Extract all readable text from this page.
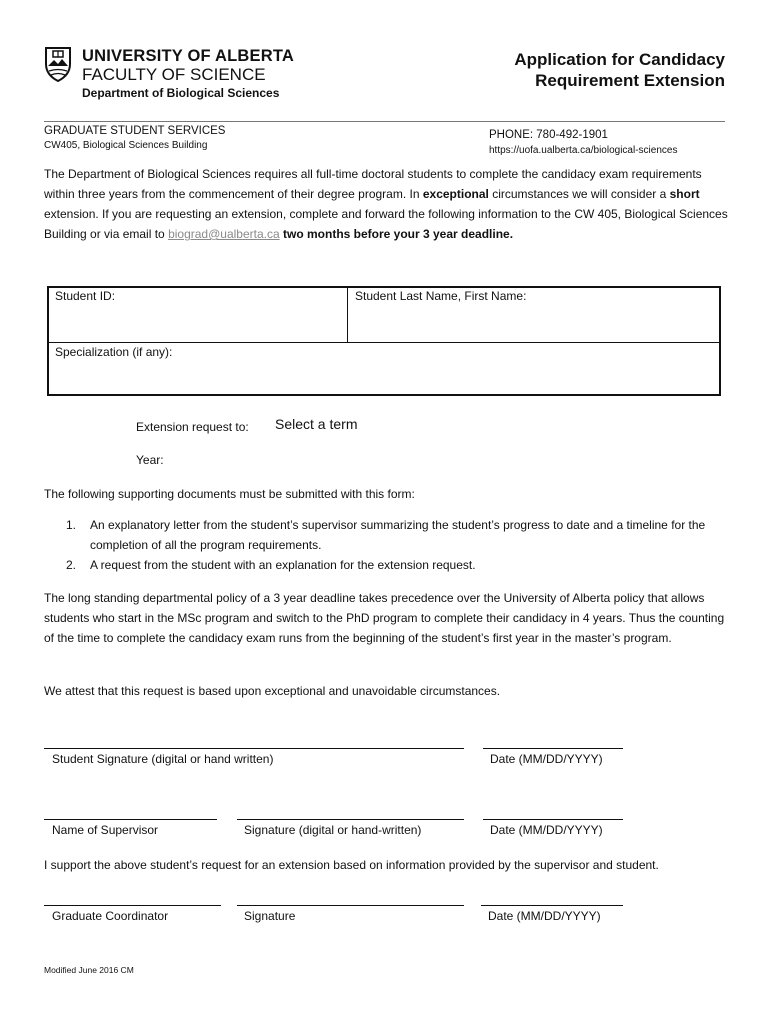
UNIVERSITY OF ALBERTA
FACULTY OF SCIENCE
Department of Biological Sciences
Application for Candidacy
Requirement Extension
GRADUATE STUDENT SERVICES
CW405, Biological Sciences Building
PHONE: 780-492-1901
https://uofa.ualberta.ca/biological-sciences
The Department of Biological Sciences requires all full-time doctoral students to complete the candidacy exam requirements within three years from the commencement of their degree program. In exceptional circumstances we will consider a short extension. If you are requesting an extension, complete and forward the following information to the CW 405, Biological Sciences Building or via email to biograd@ualberta.ca two months before your 3 year deadline.
Student ID:	Student Last Name, First Name:
Specialization (if any):
Extension request to: Select a term
Year:
The following supporting documents must be submitted with this form:
1. An explanatory letter from the student’s supervisor summarizing the student’s progress to date and a timeline for the completion of all the program requirements.
2. A request from the student with an explanation for the extension request.
The long standing departmental policy of a 3 year deadline takes precedence over the University of Alberta policy that allows students who start in the MSc program and switch to the PhD program to complete their candidacy in 4 years. Thus the counting of the time to complete the candidacy exam runs from the beginning of the student’s first year in the master’s program.
We attest that this request is based upon exceptional and unavoidable circumstances.
Student Signature (digital or hand written)	Date (MM/DD/YYYY)
Name of Supervisor	Signature (digital or hand-written)	Date (MM/DD/YYYY)
I support the above student’s request for an extension based on information provided by the supervisor and student.
Graduate Coordinator	Signature	Date (MM/DD/YYYY)
Modified June 2016 CM
